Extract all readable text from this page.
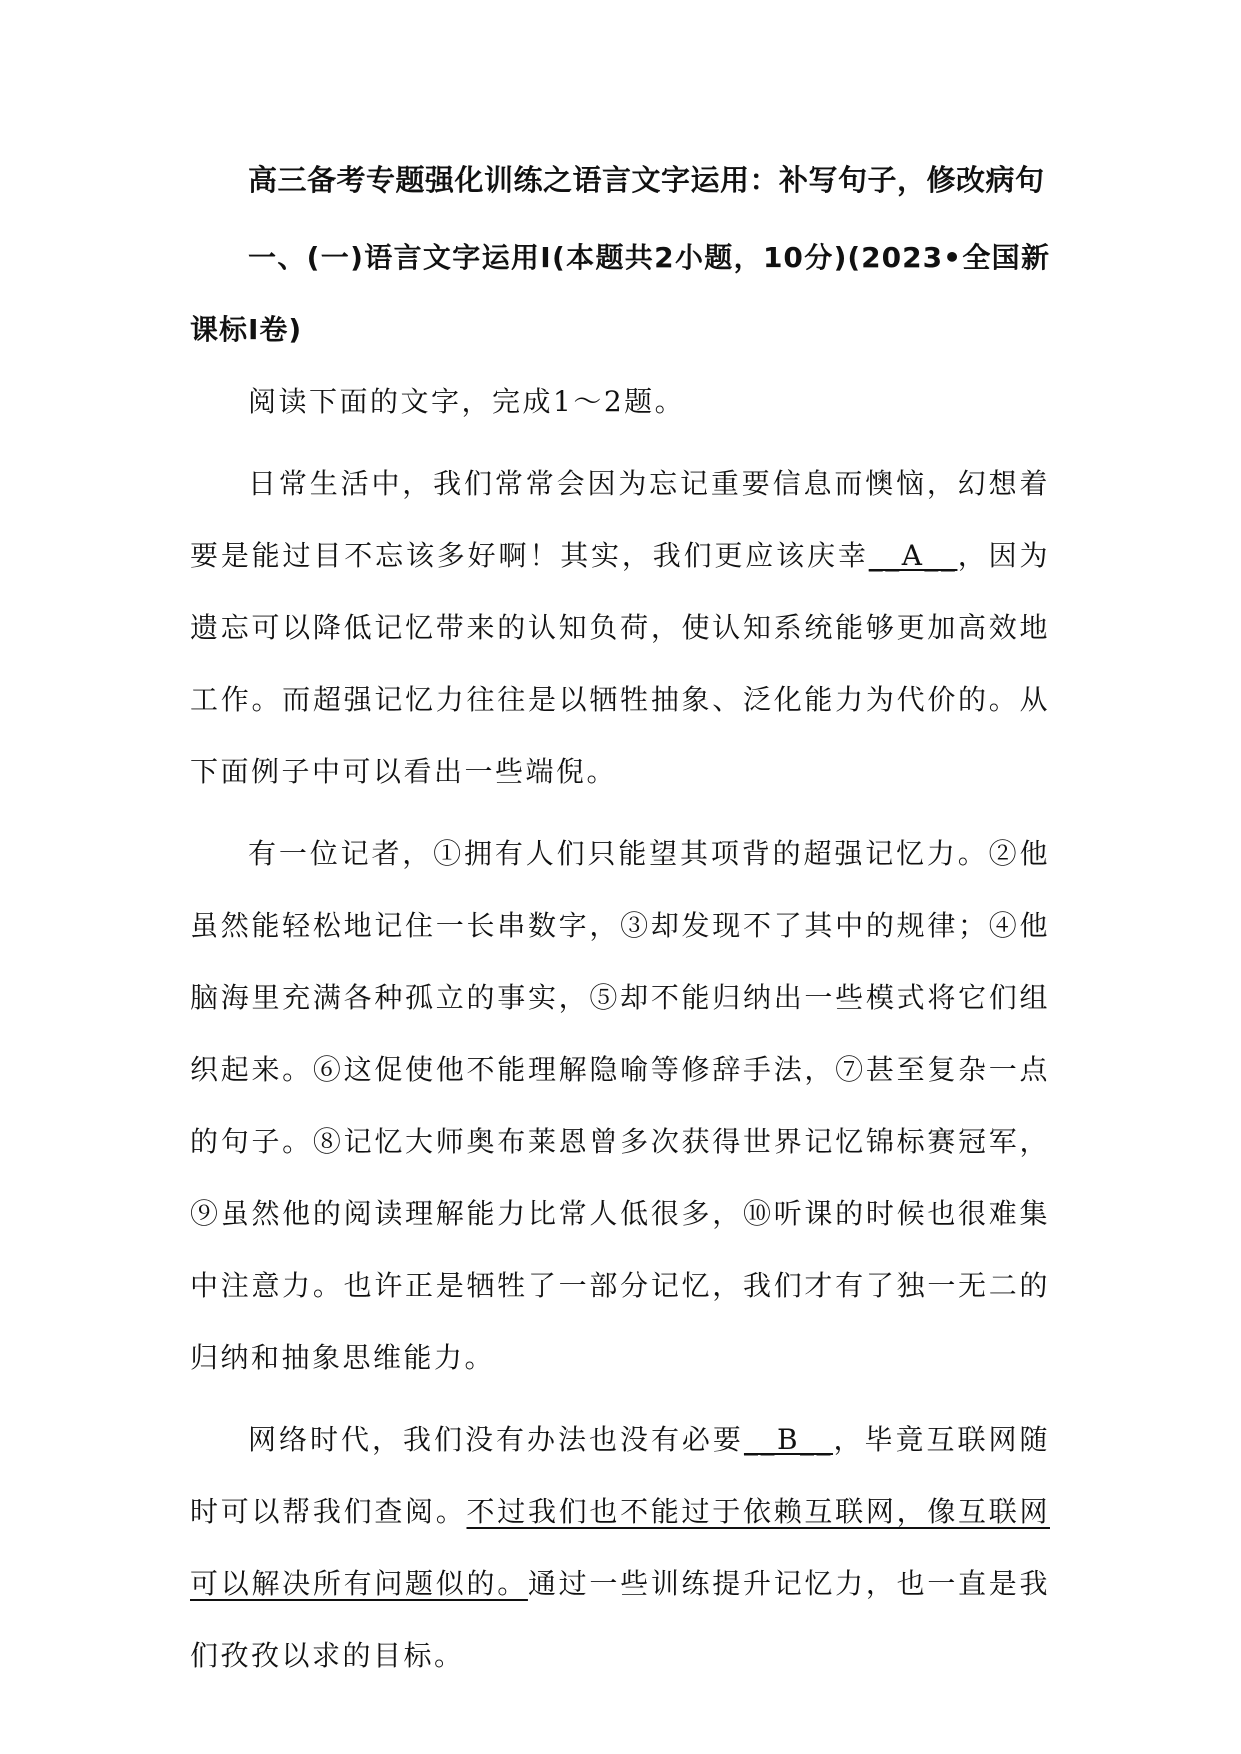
高三备考专题强化训练之语言文字运用：补写句子，修改病句

一、(一)语言文字运用Ⅰ(本题共2小题，10分)(2023•全国新课标Ⅰ卷)

阅读下面的文字，完成1～2题。

日常生活中，我们常常会因为忘记重要信息而懊恼，幻想着要是能过目不忘该多好啊！其实，我们更应该庆幸__A__，因为遗忘可以降低记忆带来的认知负荷，使认知系统能够更加高效地工作。而超强记忆力往往是以牺牲抽象、泛化能力为代价的。从下面例子中可以看出一些端倪。

有一位记者，①拥有人们只能望其项背的超强记忆力。②他虽然能轻松地记住一长串数字，③却发现不了其中的规律；④他脑海里充满各种孤立的事实，⑤却不能归纳出一些模式将它们组织起来。⑥这促使他不能理解隐喻等修辞手法，⑦甚至复杂一点的句子。⑧记忆大师奥布莱恩曾多次获得世界记忆锦标赛冠军，⑨虽然他的阅读理解能力比常人低很多，⑩听课的时候也很难集中注意力。也许正是牺牲了一部分记忆，我们才有了独一无二的归纳和抽象思维能力。

网络时代，我们没有办法也没有必要__B__，毕竟互联网随时可以帮我们查阅。不过我们也不能过于依赖互联网，像互联网可以解决所有问题似的。通过一些训练提升记忆力，也一直是我们孜孜以求的目标。
